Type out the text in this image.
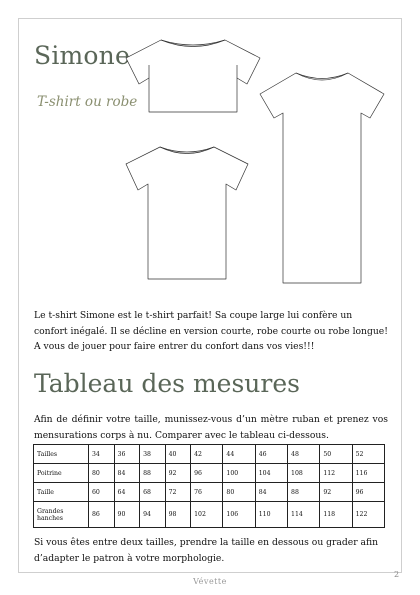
Simone
T-shirt ou robe

Le t-shirt Simone est le t-shirt parfait! Sa coupe large lui confère un confort inégalé. Il se décline en version courte, robe courte ou robe longue! A vous de jouer pour faire entrer du confort dans vos vies!!!

Tableau des mesures

Afin de définir votre taille, munissez-vous d’un mètre ruban et prenez vos mensurations corps à nu. Comparer avec le tableau ci-dessous.

Tailles	34	36	38	40	42	44	46	48	50	52
Poitrine	80	84	88	92	96	100	104	108	112	116
Taille	60	64	68	72	76	80	84	88	92	96
Grandes hanches	86	90	94	98	102	106	110	114	118	122

Si vous êtes entre deux tailles, prendre la taille en dessous ou grader afin d’adapter le patron à votre morphologie.

Vévette
2
